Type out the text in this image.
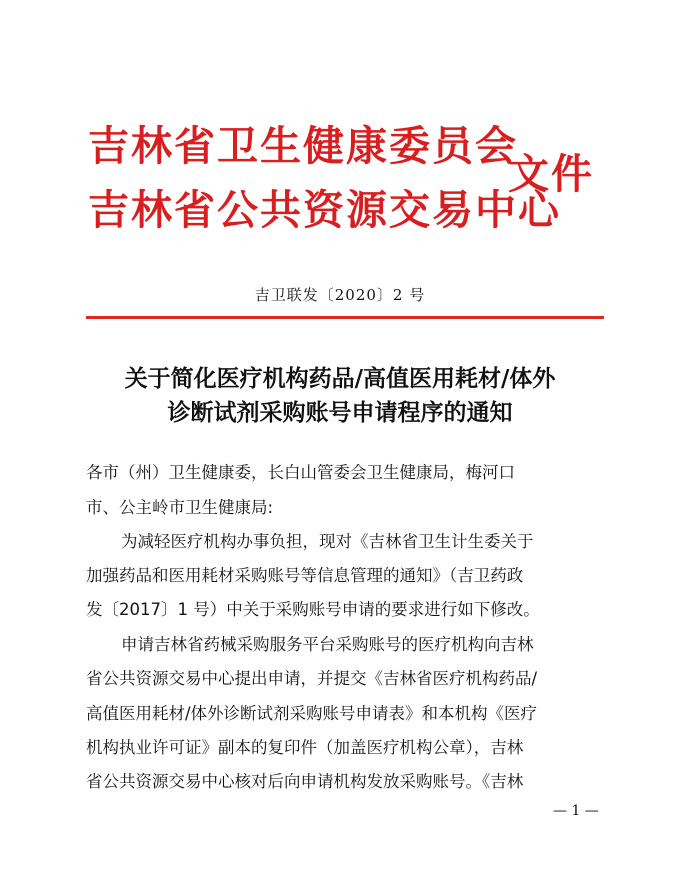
吉林省卫生健康委员会
吉林省公共资源交易中心
文件
吉卫联发〔2020〕2 号
关于简化医疗机构药品/高值医用耗材/体外
诊断试剂采购账号申请程序的通知
各市（州）卫生健康委，长白山管委会卫生健康局，梅河口
市、公主岭市卫生健康局:
为减轻医疗机构办事负担，现对《吉林省卫生计生委关于
加强药品和医用耗材采购账号等信息管理的通知》（吉卫药政
发〔2017〕1 号）中关于采购账号申请的要求进行如下修改。
申请吉林省药械采购服务平台采购账号的医疗机构向吉林
省公共资源交易中心提出申请，并提交《吉林省医疗机构药品/
高值医用耗材/体外诊断试剂采购账号申请表》和本机构《医疗
机构执业许可证》副本的复印件（加盖医疗机构公章），吉林
省公共资源交易中心核对后向申请机构发放采购账号。《吉林
— 1 —
